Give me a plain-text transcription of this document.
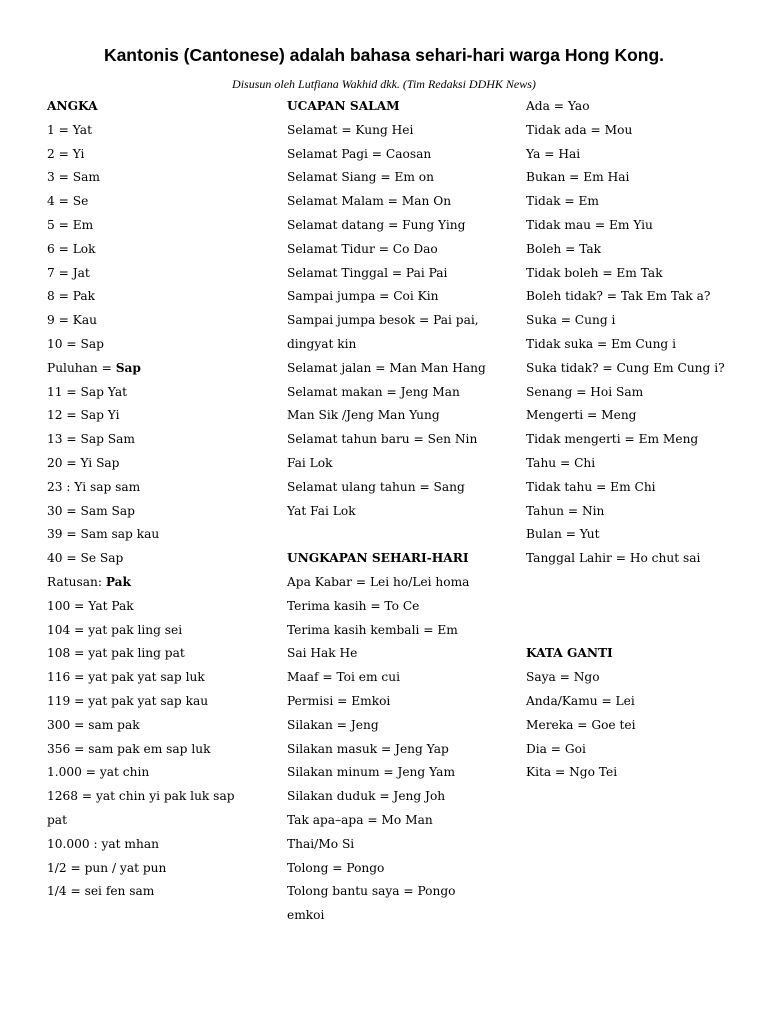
Kantonis (Cantonese) adalah bahasa sehari-hari warga Hong Kong.

Disusun oleh Lutfiana Wakhid dkk. (Tim Redaksi DDHK News)

ANGKA
1 = Yat
2 = Yi
3 = Sam
4 = Se
5 = Em
6 = Lok
7 = Jat
8 = Pak
9 = Kau
10 = Sap
Puluhan = Sap
11 = Sap Yat
12 = Sap Yi
13 = Sap Sam
20 = Yi Sap
23 : Yi sap sam
30 = Sam Sap
39 = Sam sap kau
40 = Se Sap
Ratusan: Pak
100 = Yat Pak
104 = yat pak ling sei
108 = yat pak ling pat
116 = yat pak yat sap luk
119 = yat pak yat sap kau
300 = sam pak
356 = sam pak em sap luk
1.000 = yat chin
1268 = yat chin yi pak luk sap
pat
10.000 : yat mhan
1/2 = pun / yat pun
1/4 = sei fen sam
UCAPAN SALAM
Selamat = Kung Hei
Selamat Pagi = Caosan
Selamat Siang = Em on
Selamat Malam = Man On
Selamat datang = Fung Ying
Selamat Tidur = Co Dao
Selamat Tinggal = Pai Pai
Sampai jumpa = Coi Kin
Sampai jumpa besok = Pai pai,
dingyat kin
Selamat jalan = Man Man Hang
Selamat makan = Jeng Man
Man Sik /Jeng Man Yung
Selamat tahun baru = Sen Nin
Fai Lok
Selamat ulang tahun = Sang
Yat Fai Lok
UNGKAPAN SEHARI-HARI
Apa Kabar = Lei ho/Lei homa
Terima kasih = To Ce
Terima kasih kembali = Em
Sai Hak He
Maaf = Toi em cui
Permisi = Emkoi
Silakan = Jeng
Silakan masuk = Jeng Yap
Silakan minum = Jeng Yam
Silakan duduk = Jeng Joh
Tak apa–apa = Mo Man
Thai/Mo Si
Tolong = Pongo
Tolong bantu saya = Pongo
emkoi
Ada = Yao
Tidak ada = Mou
Ya = Hai
Bukan = Em Hai
Tidak = Em
Tidak mau = Em Yiu
Boleh = Tak
Tidak boleh = Em Tak
Boleh tidak? = Tak Em Tak a?
Suka = Cung i
Tidak suka = Em Cung i
Suka tidak? = Cung Em Cung i?
Senang = Hoi Sam
Mengerti = Meng
Tidak mengerti = Em Meng
Tahu = Chi
Tidak tahu = Em Chi
Tahun = Nin
Bulan = Yut
Tanggal Lahir = Ho chut sai
KATA GANTI
Saya = Ngo
Anda/Kamu = Lei
Mereka = Goe tei
Dia = Goi
Kita = Ngo Tei
